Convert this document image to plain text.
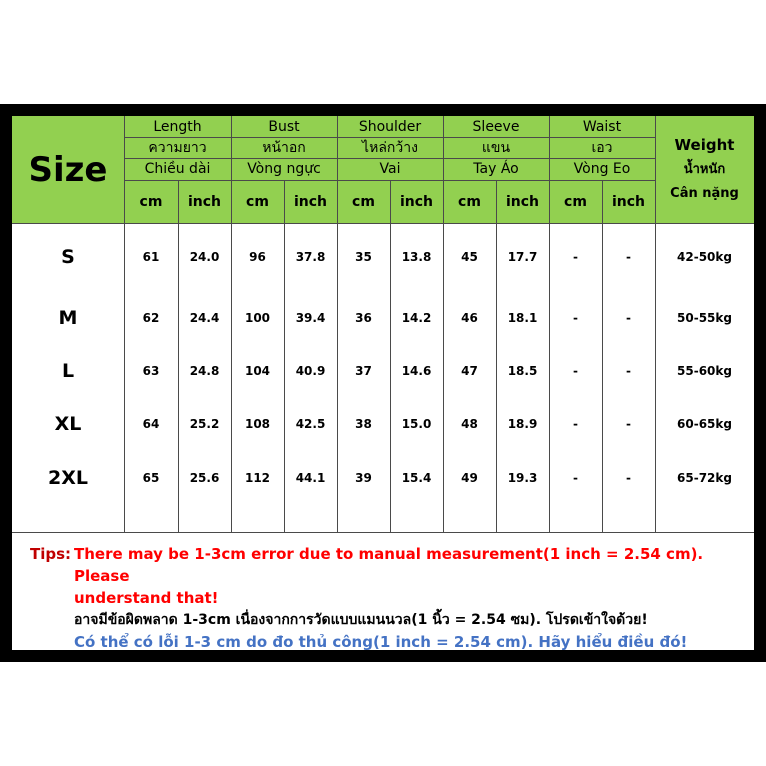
Size
Length
ความยาว
Chiều dài
cm	inch
Bust
หน้าอก
Vòng ngực
cm	inch
Shoulder
ไหล่กว้าง
Vai
cm	inch
Sleeve
แขน
Tay Áo
cm	inch
Waist
เอว
Vòng Eo
cm	inch
Weight
น้ำหนัก
Cân nặng
S	61	24.0	96	37.8	35	13.8	45	17.7	-	-	42-50kg
M	62	24.4	100	39.4	36	14.2	46	18.1	-	-	50-55kg
L	63	24.8	104	40.9	37	14.6	47	18.5	-	-	55-60kg
XL	64	25.2	108	42.5	38	15.0	48	18.9	-	-	60-65kg
2XL	65	25.6	112	44.1	39	15.4	49	19.3	-	-	65-72kg
Tips: There may be 1-3cm error due to manual measurement(1 inch = 2.54 cm). Please
understand that!
อาจมีข้อผิดพลาด 1-3cm เนื่องจากการวัดแบบแมนนวล(1 นิ้ว = 2.54 ซม). โปรดเข้าใจด้วย!
Có thể có lỗi 1-3 cm do đo thủ công(1 inch = 2.54 cm). Hãy hiểu điều đó!
